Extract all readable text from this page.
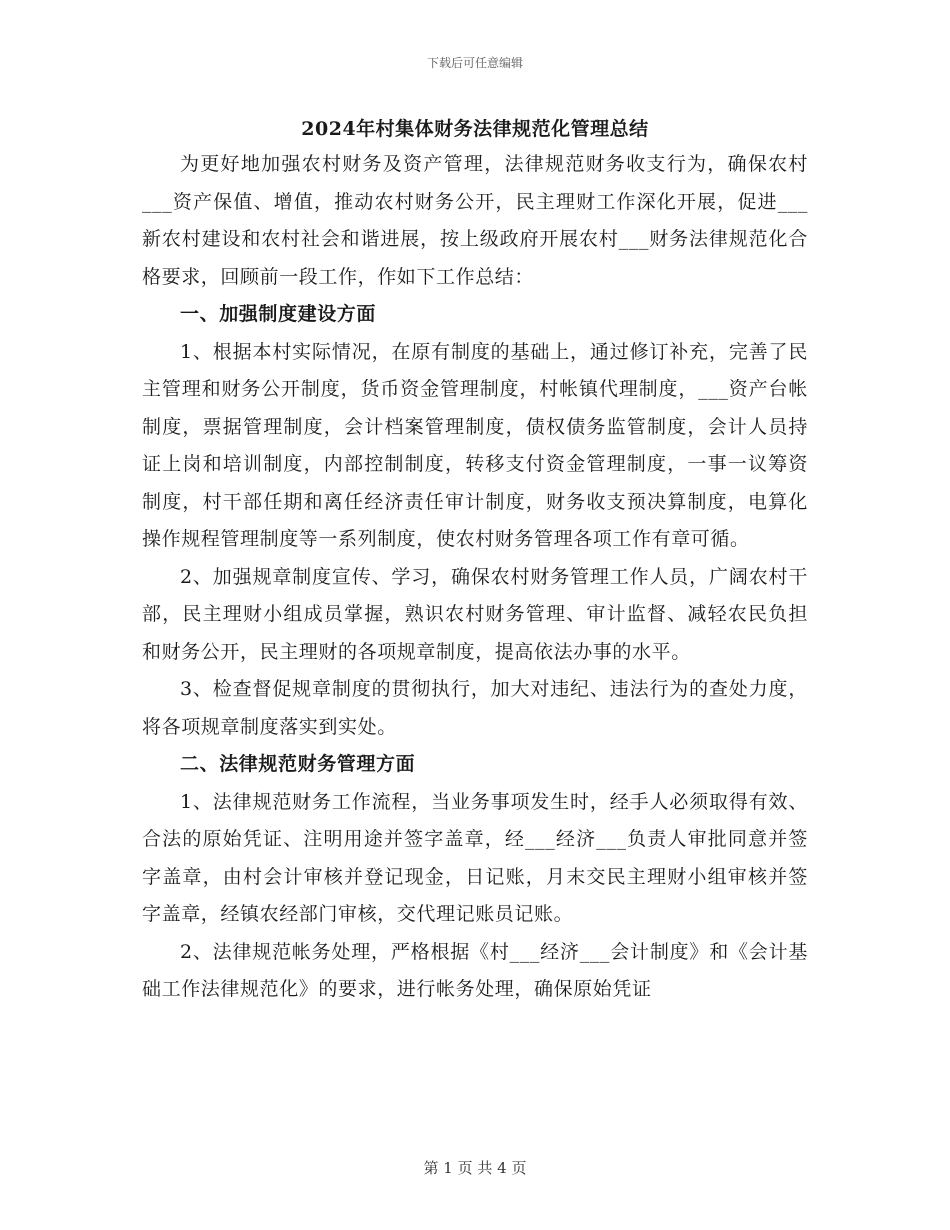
下载后可任意编辑
2024年村集体财务法律规范化管理总结

为更好地加强农村财务及资产管理，法律规范财务收支行为，确保农村___资产保值、增值，推动农村财务公开，民主理财工作深化开展，促进___新农村建设和农村社会和谐进展，按上级政府开展农村___财务法律规范化合格要求，回顾前一段工作，作如下工作总结：

一、加强制度建设方面

1、根据本村实际情况，在原有制度的基础上，通过修订补充，完善了民主管理和财务公开制度，货币资金管理制度，村帐镇代理制度，___资产台帐制度，票据管理制度，会计档案管理制度，债权债务监管制度，会计人员持证上岗和培训制度，内部控制制度，转移支付资金管理制度，一事一议筹资制度，村干部任期和离任经济责任审计制度，财务收支预决算制度，电算化操作规程管理制度等一系列制度，使农村财务管理各项工作有章可循。

2、加强规章制度宣传、学习，确保农村财务管理工作人员，广阔农村干部，民主理财小组成员掌握，熟识农村财务管理、审计监督、减轻农民负担和财务公开，民主理财的各项规章制度，提高依法办事的水平。

3、检查督促规章制度的贯彻执行，加大对违纪、违法行为的查处力度，将各项规章制度落实到实处。

二、法律规范财务管理方面

1、法律规范财务工作流程，当业务事项发生时，经手人必须取得有效、合法的原始凭证、注明用途并签字盖章，经___经济___负责人审批同意并签字盖章，由村会计审核并登记现金，日记账，月末交民主理财小组审核并签字盖章，经镇农经部门审核，交代理记账员记账。

2、法律规范帐务处理，严格根据《村___经济___会计制度》和《会计基础工作法律规范化》的要求，进行帐务处理，确保原始凭证

第 1 页 共 4 页
